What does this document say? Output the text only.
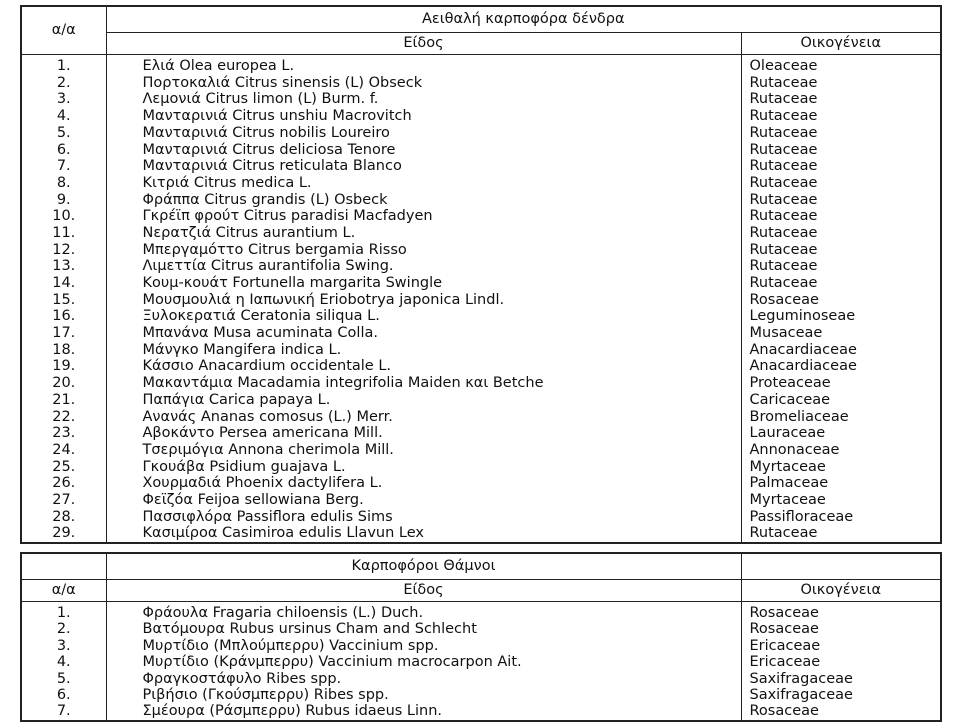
α/α	Αειθαλή καρποφόρα δένδρα	
	Είδος	Οικογένεια
1.	Ελιά Olea europea L.	Oleaceae
2.	Πορτοκαλιά Citrus sinensis (L) Obseck	Rutaceae
3.	Λεμονιά Citrus limon (L) Burm. f.	Rutaceae
4.	Μανταρινιά Citrus unshiu Macrovitch	Rutaceae
5.	Μανταρινιά Citrus nobilis Loureiro	Rutaceae
6.	Μανταρινιά Citrus deliciosa Tenore	Rutaceae
7.	Μανταρινιά Citrus reticulata Blanco	Rutaceae
8.	Κιτριά Citrus medica L.	Rutaceae
9.	Φράππα Citrus grandis (L) Osbeck	Rutaceae
10.	Γκρέϊπ φρούτ Citrus paradisi Macfadyen	Rutaceae
11.	Νερατζιά Citrus aurantium L.	Rutaceae
12.	Μπεργαμόττο Citrus bergamia Risso	Rutaceae
13.	Λιμεττία Citrus aurantifolia Swing.	Rutaceae
14.	Κουμ-κουάτ Fortunella margarita Swingle	Rutaceae
15.	Μουσμουλιά η Ιαπωνική Eriobotrya japonica Lindl.	Rosaceae
16.	Ξυλοκερατιά Ceratonia siliqua L.	Leguminoseae
17.	Μπανάνα Musa acuminata Colla.	Musaceae
18.	Μάνγκο Mangifera indica L.	Anacardiaceae
19.	Κάσσιο Anacardium occidentale L.	Anacardiaceae
20.	Μακαντάμια Macadamia integrifolia Maiden και Betche	Proteaceae
21.	Παπάγια Carica papaya L.	Caricaceae
22.	Ανανάς Ananas comosus (L.) Merr.	Bromeliaceae
23.	Αβοκάντο Persea americana Mill.	Lauraceae
24.	Τσεριμόγια Annona cherimola Mill.	Annonaceae
25.	Γκουάβα Psidium guajava L.	Myrtaceae
26.	Χουρμαδιά Phoenix dactylifera L.	Palmaceae
27.	Φεϊζόα Feijoa sellowiana Berg.	Myrtaceae
28.	Πασσιφλόρα Passiflora edulis Sims	Passifloraceae
29.	Κασιμίροα Casimiroa edulis Llavun Lex	Rutaceae
	Καρποφόροι Θάμνοι	
α/α	Είδος	Οικογένεια
1.	Φράουλα Fragaria chiloensis (L.) Duch.	Rosaceae
2.	Βατόμουρα Rubus ursinus Cham and Schlecht	Rosaceae
3.	Μυρτίδιο (Μπλούμπερρυ) Vaccinium spp.	Ericaceae
4.	Μυρτίδιο (Κράνμπερρυ) Vaccinium macrocarpon Ait.	Ericaceae
5.	Φραγκοστάφυλο Ribes spp.	Saxifragaceae
6.	Ριβήσιο (Γκούσμπερρυ) Ribes spp.	Saxifragaceae
7.	Σμέουρα (Ράσμπερρυ) Rubus idaeus Linn.	Rosaceae
